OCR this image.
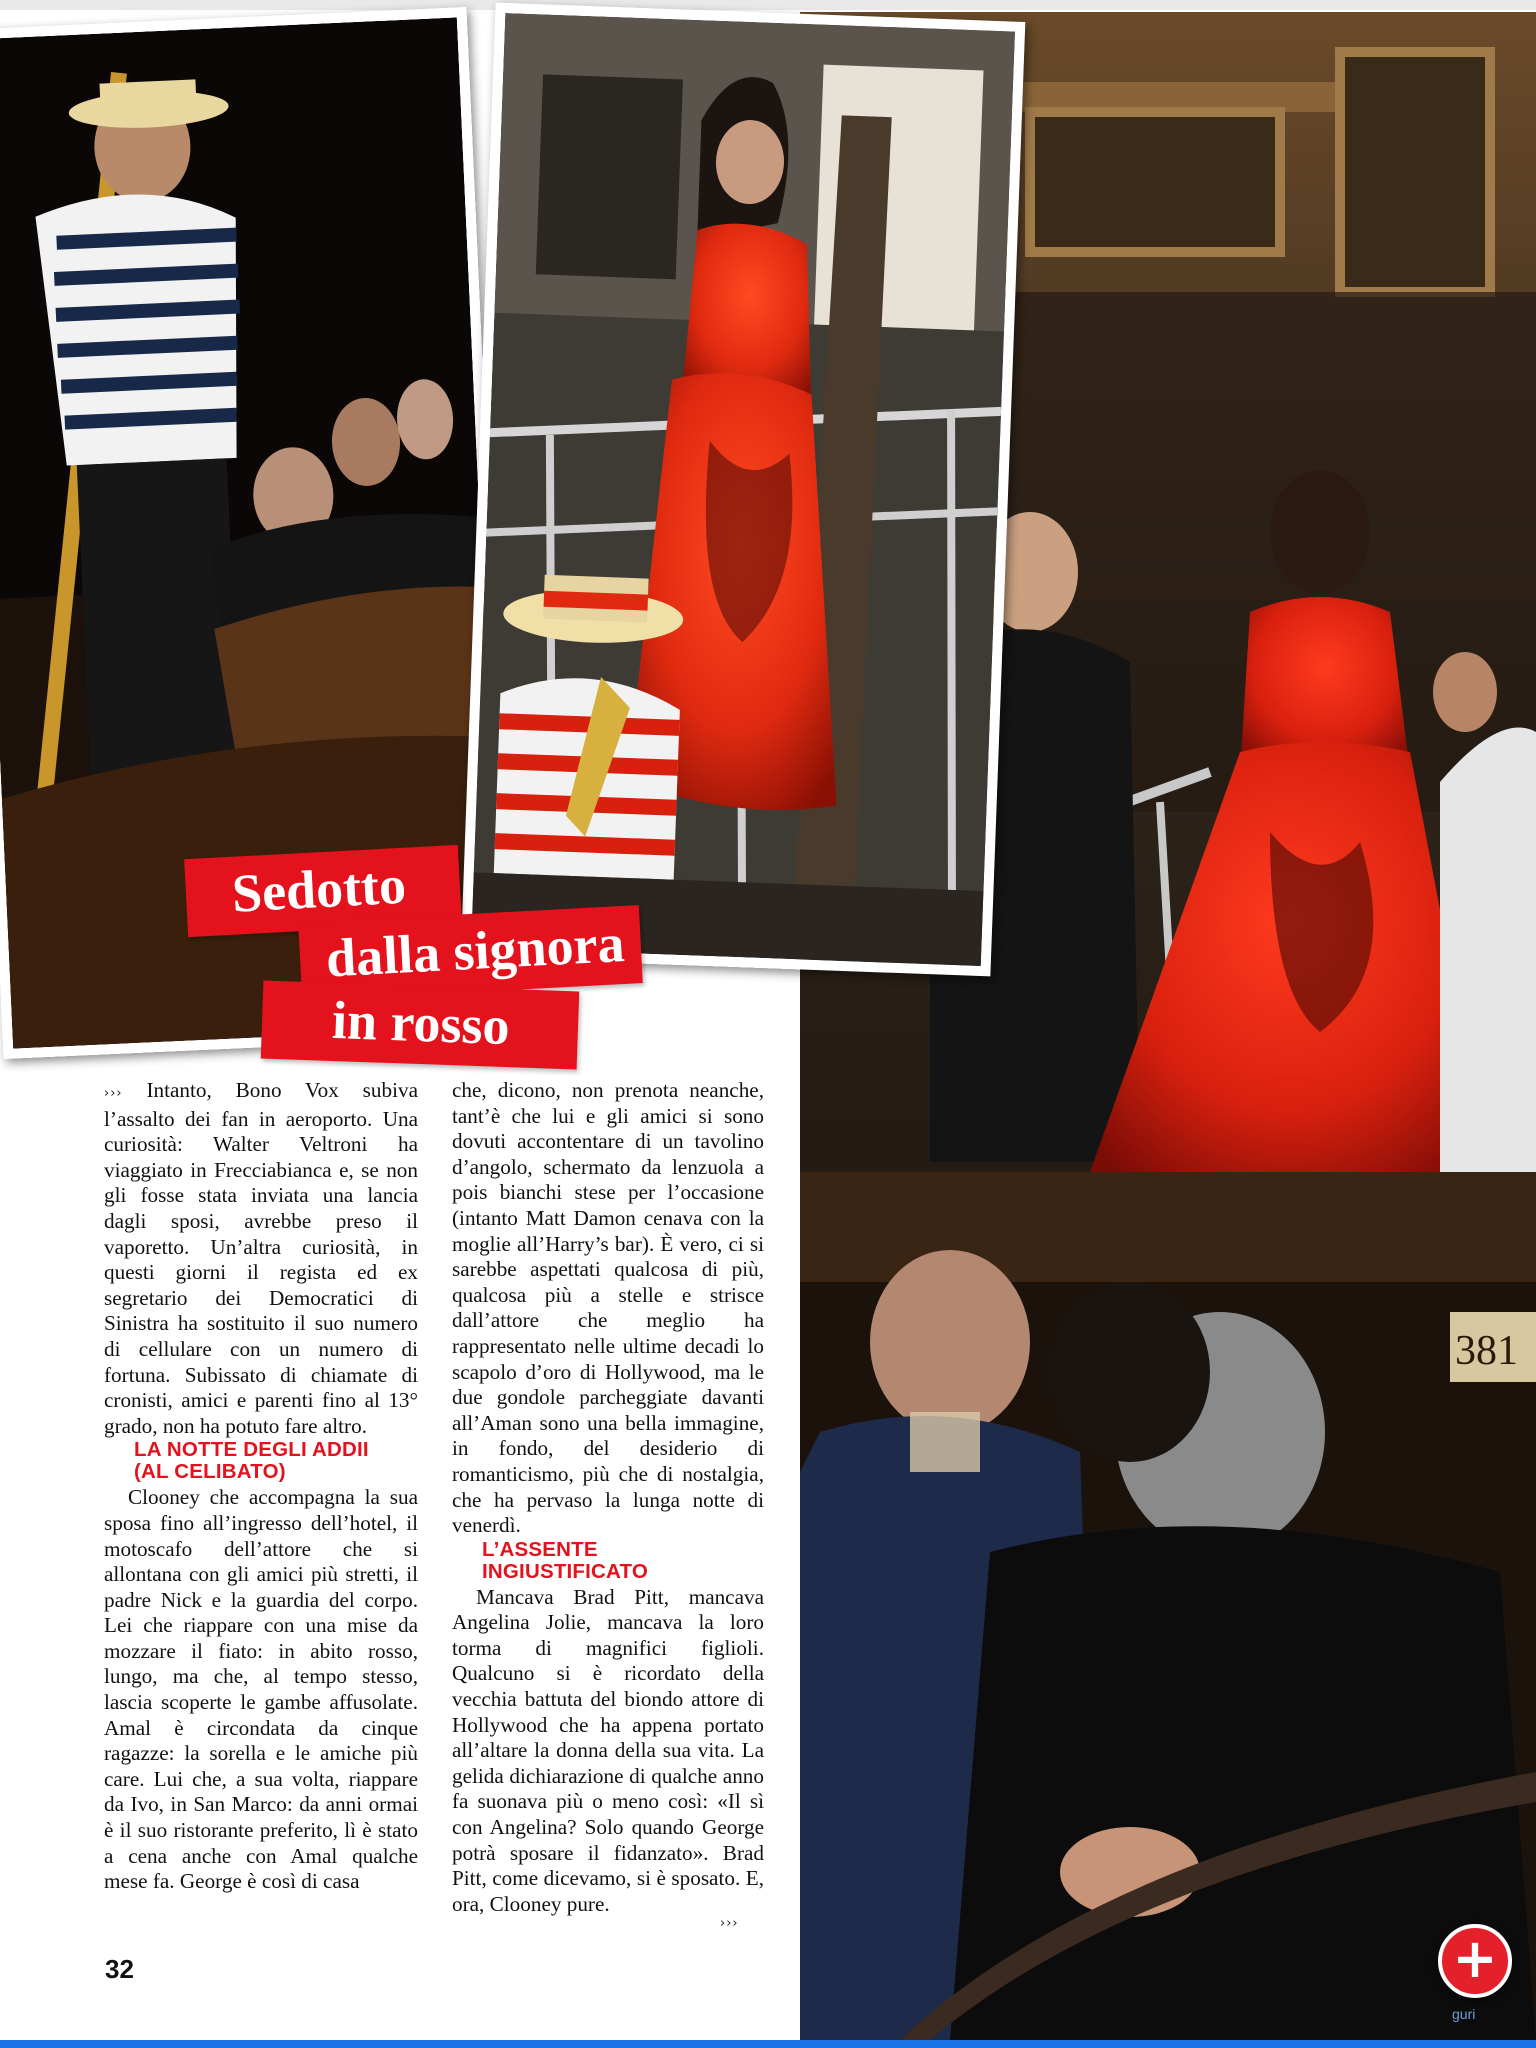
381
Sedotto
dalla signora
in rosso

››› Intanto, Bono Vox subiva l’assalto dei fan in aeroporto. Una curiosità: Walter Veltroni ha viaggiato in Frecciabianca e, se non gli fosse stata inviata una lancia dagli sposi, avrebbe preso il vaporetto. Un’altra curiosità, in questi giorni il regista ed ex segretario dei Democratici di Sinistra ha sostituito il suo numero di cellulare con un numero di fortuna. Subissato di chiamate di cronisti, amici e parenti fino al 13° grado, non ha potuto fare altro.

LA NOTTE DEGLI ADDII
(AL CELIBATO)

Clooney che accompagna la sua sposa fino all’ingresso dell’hotel, il motoscafo dell’attore che si allontana con gli amici più stretti, il padre Nick e la guardia del corpo. Lei che riappare con una mise da mozzare il fiato: in abito rosso, lungo, ma che, al tempo stesso, lascia scoperte le gambe affusolate. Amal è circondata da cinque ragazze: la sorella e le amiche più care. Lui che, a sua volta, riappare da Ivo, in San Marco: da anni ormai è il suo ristorante preferito, lì è stato a cena anche con Amal qualche mese fa. George è così di casa

che, dicono, non prenota neanche, tant’è che lui e gli amici si sono dovuti accontentare di un tavolino d’angolo, schermato da lenzuola a pois bianchi stese per l’occasione (intanto Matt Damon cenava con la moglie all’Harry’s bar). È vero, ci si sarebbe aspettati qualcosa di più, qualcosa più a stelle e strisce dall’attore che meglio ha rappresentato nelle ultime decadi lo scapolo d’oro di Hollywood, ma le due gondole parcheggiate davanti all’Aman sono una bella immagine, in fondo, del desiderio di romanticismo, più che di nostalgia, che ha pervaso la lunga notte di venerdì.

L’ASSENTE
INGIUSTIFICATO

Mancava Brad Pitt, mancava Angelina Jolie, mancava la loro torma di magnifici figlioli. Qualcuno si è ricordato della vecchia battuta del biondo attore di Hollywood che ha appena portato all’altare la donna della sua vita. La gelida dichiarazione di qualche anno fa suonava più o meno così: «Il sì con Angelina? Solo quando George potrà sposare il fidanzato». Brad Pitt, come dicevamo, si è sposato. E, ora, Clooney pure.

›››
32	+
guri
